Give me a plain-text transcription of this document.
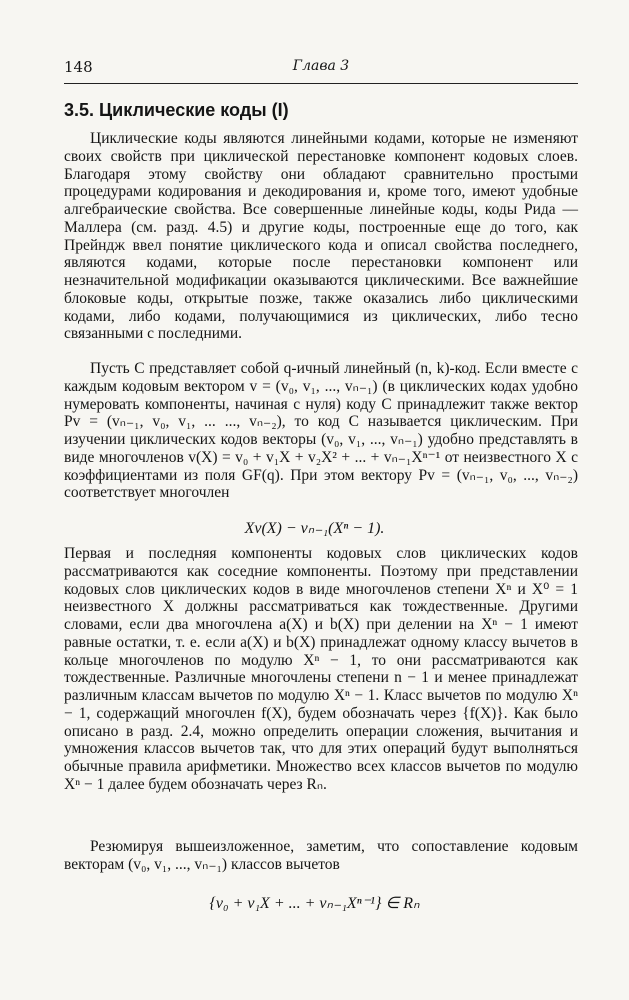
148	Глава 3
3.5. Циклические коды (I)

Циклические коды являются линейными кодами, которые не изменяют своих свойств при циклической перестановке компонент кодовых слоев. Благодаря этому свойству они обладают сравнительно простыми процедурами кодирования и декодирования и, кроме того, имеют удобные алгебраические свойства. Все совершенные линейные коды, коды Рида — Маллера (см. разд. 4.5) и другие коды, построенные еще до того, как Прейндж ввел понятие циклического кода и описал свойства последнего, являются кодами, которые после перестановки компонент или незначительной модификации оказываются циклическими. Все важнейшие блоковые коды, открытые позже, также оказались либо циклическими кодами, либо кодами, получающимися из циклических, либо тесно связанными с последними.

Пусть C представляет собой q-ичный линейный (n, k)-код. Если вместе с каждым кодовым вектором v = (v₀, v₁, ..., vₙ₋₁) (в циклических кодах удобно нумеровать компоненты, начиная с нуля) коду C принадлежит также вектор Pv = (vₙ₋₁, v₀, v₁, ... ..., vₙ₋₂), то код C называется циклическим. При изучении циклических кодов векторы (v₀, v₁, ..., vₙ₋₁) удобно представлять в виде многочленов v(X) = v₀ + v₁X + v₂X² + ... + vₙ₋₁Xⁿ⁻¹ от неизвестного X с коэффициентами из поля GF(q). При этом вектору Pv = (vₙ₋₁, v₀, ..., vₙ₋₂) соответствует многочлен

Xv(X) − vₙ₋₁(Xⁿ − 1).

Первая и последняя компоненты кодовых слов циклических кодов рассматриваются как соседние компоненты. Поэтому при представлении кодовых слов циклических кодов в виде многочленов степени Xⁿ и X⁰ = 1 неизвестного X должны рассматриваться как тождественные. Другими словами, если два многочлена a(X) и b(X) при делении на Xⁿ − 1 имеют равные остатки, т. е. если a(X) и b(X) принадлежат одному классу вычетов в кольце многочленов по модулю Xⁿ − 1, то они рассматриваются как тождественные. Различные многочлены степени n − 1 и менее принадлежат различным классам вычетов по модулю Xⁿ − 1. Класс вычетов по модулю Xⁿ − 1, содержащий многочлен f(X), будем обозначать через {f(X)}. Как было описано в разд. 2.4, можно определить операции сложения, вычитания и умножения классов вычетов так, что для этих операций будут выполняться обычные правила арифметики. Множество всех классов вычетов по модулю Xⁿ − 1 далее будем обозначать через Rₙ.

Резюмируя вышеизложенное, заметим, что сопоставление кодовым векторам (v₀, v₁, ..., vₙ₋₁) классов вычетов

{v₀ + v₁X + ... + vₙ₋₁Xⁿ⁻¹} ∈ Rₙ
